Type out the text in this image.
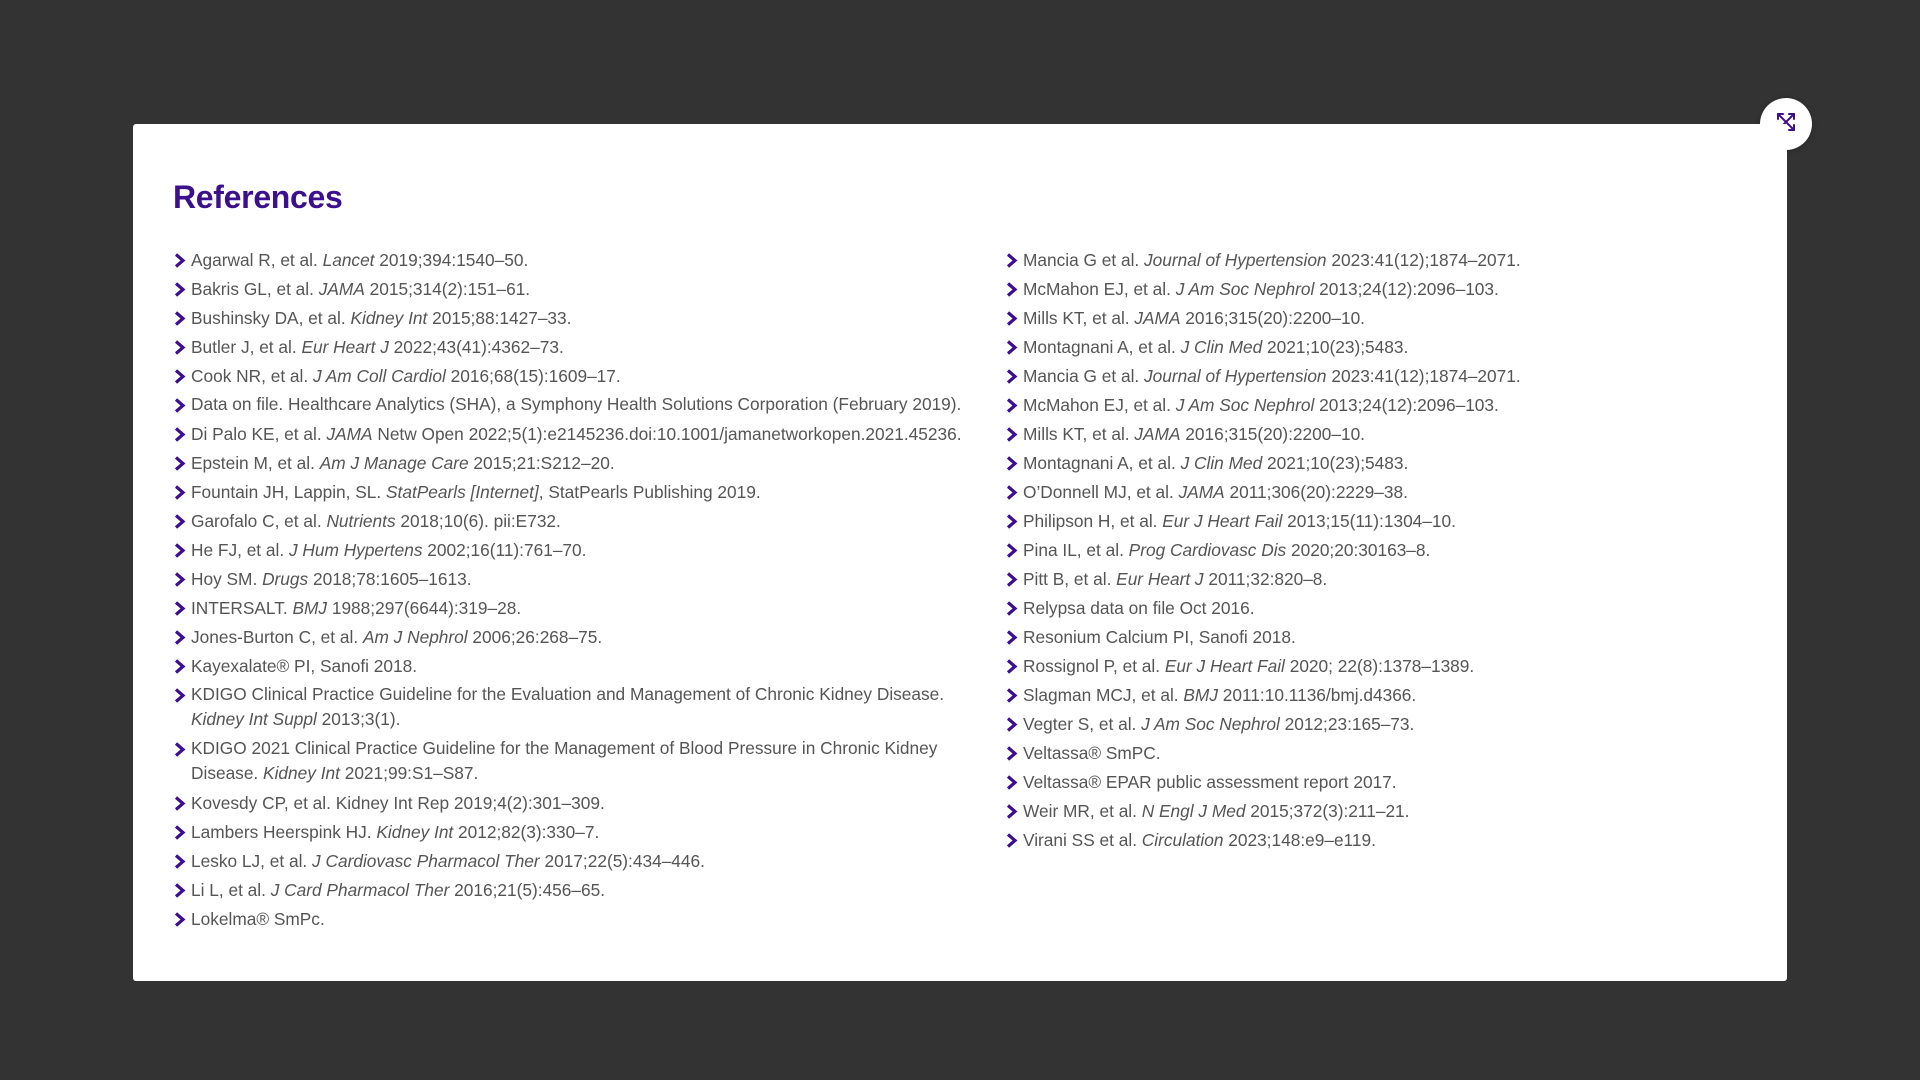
References
Agarwal R, et al. Lancet 2019;394:1540–50.
Bakris GL, et al. JAMA 2015;314(2):151–61.
Bushinsky DA, et al. Kidney Int 2015;88:1427–33.
Butler J, et al. Eur Heart J 2022;43(41):4362–73.
Cook NR, et al. J Am Coll Cardiol 2016;68(15):1609–17.
Data on file. Healthcare Analytics (SHA), a Symphony Health Solutions Corporation (February 2019).
Di Palo KE, et al. JAMA Netw Open 2022;5(1):e2145236.doi:10.1001/jamanetworkopen.2021.45236.
Epstein M, et al. Am J Manage Care 2015;21:S212–20.
Fountain JH, Lappin, SL. StatPearls [Internet], StatPearls Publishing 2019.
Garofalo C, et al. Nutrients 2018;10(6). pii:E732.
He FJ, et al. J Hum Hypertens 2002;16(11):761–70.
Hoy SM. Drugs 2018;78:1605–1613.
INTERSALT. BMJ 1988;297(6644):319–28.
Jones-Burton C, et al. Am J Nephrol 2006;26:268–75.
Kayexalate® PI, Sanofi 2018.
KDIGO Clinical Practice Guideline for the Evaluation and Management of Chronic Kidney Disease. Kidney Int Suppl 2013;3(1).
KDIGO 2021 Clinical Practice Guideline for the Management of Blood Pressure in Chronic Kidney Disease. Kidney Int 2021;99:S1–S87.
Kovesdy CP, et al. Kidney Int Rep 2019;4(2):301–309.
Lambers Heerspink HJ. Kidney Int 2012;82(3):330–7.
Lesko LJ, et al. J Cardiovasc Pharmacol Ther 2017;22(5):434–446.
Li L, et al. J Card Pharmacol Ther 2016;21(5):456–65.
Lokelma® SmPc.
Mancia G et al. Journal of Hypertension 2023:41(12);1874–2071.
McMahon EJ, et al. J Am Soc Nephrol 2013;24(12):2096–103.
Mills KT, et al. JAMA 2016;315(20):2200–10.
Montagnani A, et al. J Clin Med 2021;10(23);5483.
Mancia G et al. Journal of Hypertension 2023:41(12);1874–2071.
McMahon EJ, et al. J Am Soc Nephrol 2013;24(12):2096–103.
Mills KT, et al. JAMA 2016;315(20):2200–10.
Montagnani A, et al. J Clin Med 2021;10(23);5483.
O’Donnell MJ, et al. JAMA 2011;306(20):2229–38.
Philipson H, et al. Eur J Heart Fail 2013;15(11):1304–10.
Pina IL, et al. Prog Cardiovasc Dis 2020;20:30163–8.
Pitt B, et al. Eur Heart J 2011;32:820–8.
Relypsa data on file Oct 2016.
Resonium Calcium PI, Sanofi 2018.
Rossignol P, et al. Eur J Heart Fail 2020; 22(8):1378–1389.
Slagman MCJ, et al. BMJ 2011:10.1136/bmj.d4366.
Vegter S, et al. J Am Soc Nephrol 2012;23:165–73.
Veltassa® SmPC.
Veltassa® EPAR public assessment report 2017.
Weir MR, et al. N Engl J Med 2015;372(3):211–21.
Virani SS et al. Circulation 2023;148:e9–e119.
